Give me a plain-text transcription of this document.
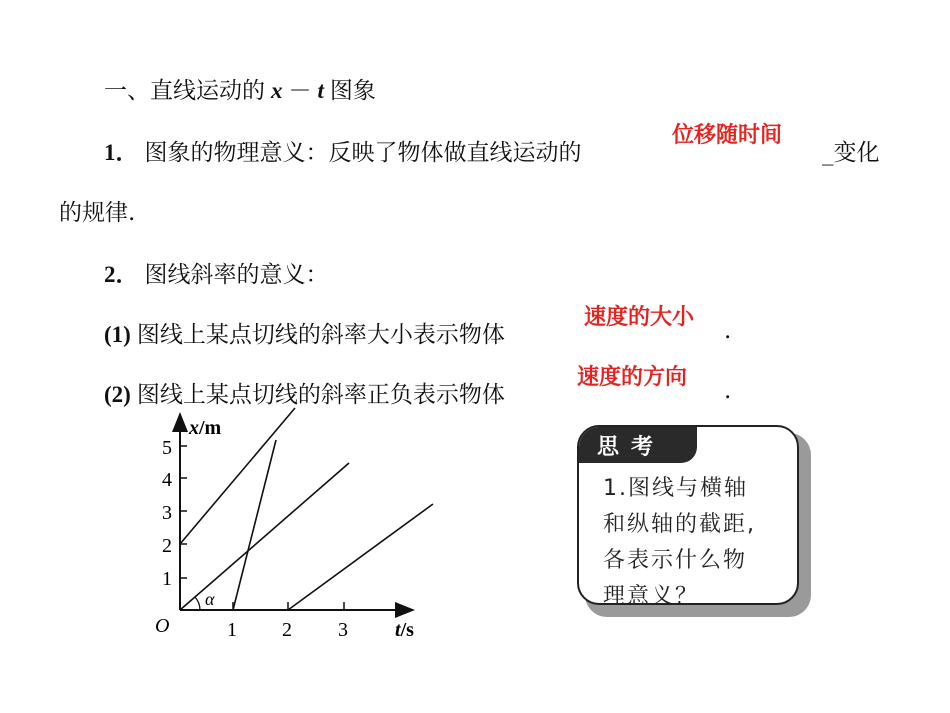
一、直线运动的 x － t 图象
1． 图象的物理意义：反映了物体做直线运动的
位移随时间
_变化
的规律.
2． 图线斜率的意义：
(1) 图线上某点切线的斜率大小表示物体
速度的大小
.
(2) 图线上某点切线的斜率正负表示物体
速度的方向
.
1
2
3
4
5
1 2 3
O
x/m
t/s
α
思考
1.图线与横轴
和纵轴的截距,
各表示什么物
理意义？
